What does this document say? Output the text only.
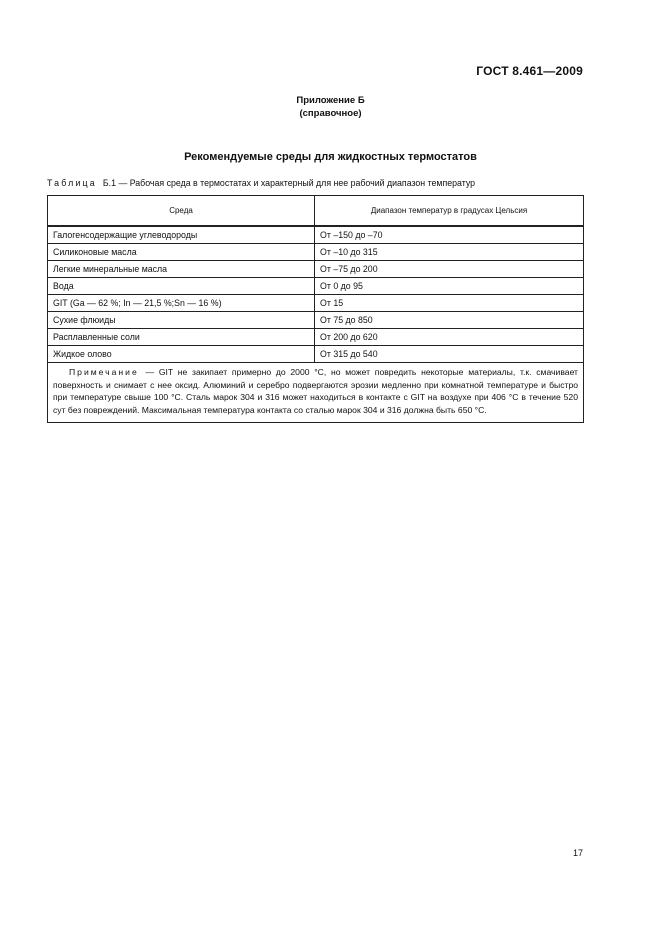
ГОСТ 8.461—2009
Приложение Б
(справочное)
Рекомендуемые среды для жидкостных термостатов
Таблица Б.1 — Рабочая среда в термостатах и характерный для нее рабочий диапазон температур
Среда	Диапазон температур в градусах Цельсия
Галогенсодержащие углеводороды	От –150 до –70
Силиконовые масла	От –10 до 315
Легкие минеральные масла	От –75 до 200
Вода	От 0 до 95
GIT (Ga — 62 %; In — 21,5 %;Sn — 16 %)	От 15
Сухие флюиды	От 75 до 850
Расплавленные соли	От 200 до 620
Жидкое олово	От 315 до 540
Примечание — GIT не закипает примерно до 2000 °С, но может повредить некоторые материалы, т.к. смачивает поверхность и снимает с нее оксид. Алюминий и серебро подвергаются эрозии медленно при комнатной температуре и быстро при температуре свыше 100 °С. Сталь марок 304 и 316 может находиться в контакте с GIT на воздухе при 406 °С в течение 520 сут без повреждений. Максимальная температура контакта со сталью марок 304 и 316 должна быть 650 °С.	
17
